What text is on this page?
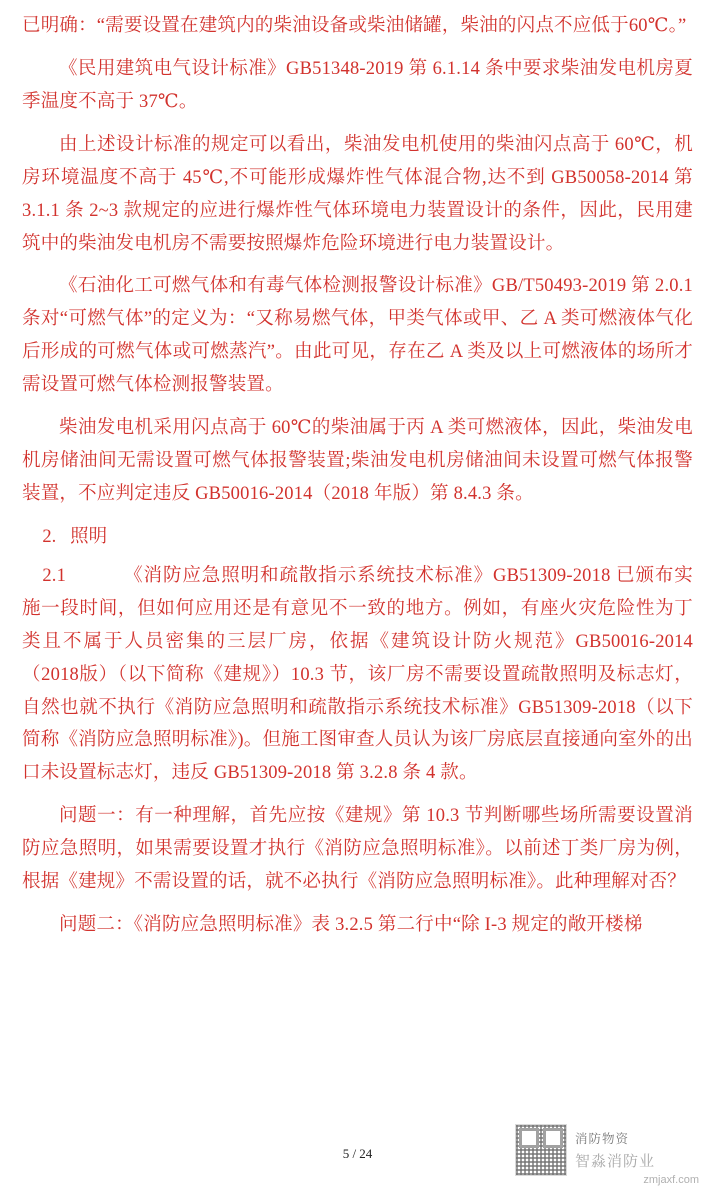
已明确：“需要设置在建筑内的柴油设备或柴油储罐，柴油的闪点不应低于60℃。”

《民用建筑电气设计标准》GB51348-2019 第 6.1.14 条中要求柴油发电机房夏季温度不高于 37℃。

由上述设计标准的规定可以看出，柴油发电机使用的柴油闪点高于 60℃，机房环境温度不高于 45℃,不可能形成爆炸性气体混合物,达不到 GB50058-2014 第 3.1.1 条 2~3 款规定的应进行爆炸性气体环境电力装置设计的条件，因此，民用建筑中的柴油发电机房不需要按照爆炸危险环境进行电力装置设计。

《石油化工可燃气体和有毒气体检测报警设计标准》GB/T50493-2019 第 2.0.1 条对“可燃气体”的定义为：“又称易燃气体，甲类气体或甲、乙 A 类可燃液体气化后形成的可燃气体或可燃蒸汽”。由此可见，存在乙 A 类及以上可燃液体的场所才需设置可燃气体检测报警装置。

柴油发电机采用闪点高于 60℃的柴油属于丙 A 类可燃液体，因此，柴油发电机房储油间无需设置可燃气体报警装置;柴油发电机房储油间未设置可燃气体报警装置，不应判定违反 GB50016-2014（2018 年版）第 8.4.3 条。

2. 照明

2.1	《消防应急照明和疏散指示系统技术标准》GB51309-2018 已颁布实施一段时间，但如何应用还是有意见不一致的地方。例如，有座火灾危险性为丁类且不属于人员密集的三层厂房，依据《建筑设计防火规范》GB50016-2014（2018版）（以下简称《建规》）10.3 节，该厂房不需要设置疏散照明及标志灯，自然也就不执行《消防应急照明和疏散指示系统技术标准》GB51309-2018（以下简称《消防应急照明标准》)。但施工图审查人员认为该厂房底层直接通向室外的出口未设置标志灯，违反 GB51309-2018 第 3.2.8 条 4 款。

问题一：有一种理解，首先应按《建规》第 10.3 节判断哪些场所需要设置消防应急照明，如果需要设置才执行《消防应急照明标准》。以前述丁类厂房为例，根据《建规》不需设置的话，就不必执行《消防应急照明标准》。此种理解对否？

问题二：《消防应急照明标准》表 3.2.5 第二行中“除 I-3 规定的敞开楼梯

5 / 24
消防物资
智淼消防业
zmjaxf.com
